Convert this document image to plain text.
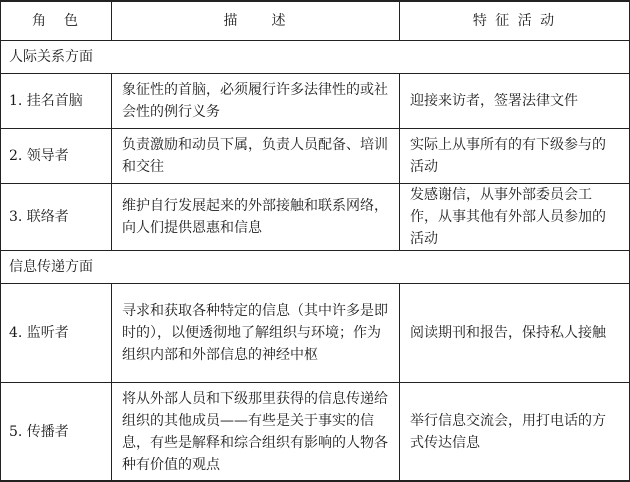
角　色	描　　述	特 征 活 动
人际关系方面		
1. 挂名首脑	象征性的首脑，必须履行许多法律性的或社会性的例行义务	迎接来访者，签署法律文件
2. 领导者	负责激励和动员下属，负责人员配备、培训和交往	实际上从事所有的有下级参与的活动
3. 联络者	维护自行发展起来的外部接触和联系网络，向人们提供恩惠和信息	发感谢信，从事外部委员会工作，从事其他有外部人员参加的活动
信息传递方面		
4. 监听者	寻求和获取各种特定的信息（其中许多是即时的），以便透彻地了解组织与环境；作为组织内部和外部信息的神经中枢	阅读期刊和报告，保持私人接触
5. 传播者	将从外部人员和下级那里获得的信息传递给组织的其他成员——有些是关于事实的信息，有些是解释和综合组织有影响的人物各种有价值的观点	举行信息交流会，用打电话的方式传达信息
